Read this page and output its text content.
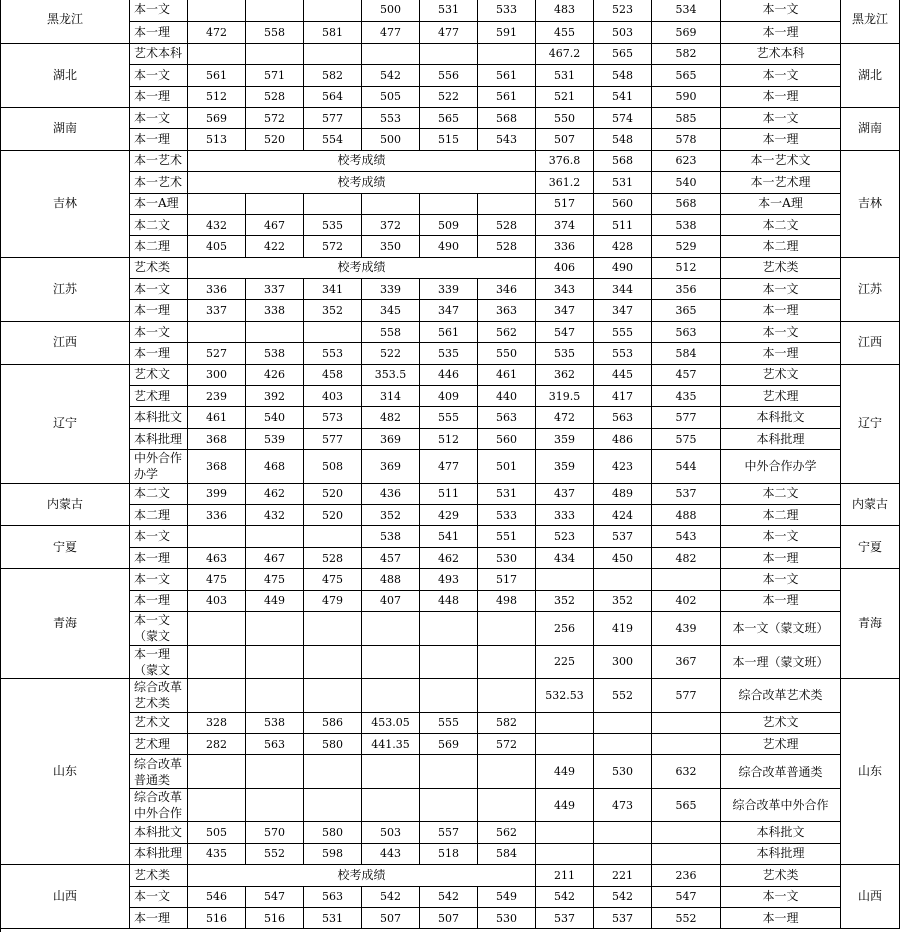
黑龙江	本一文				500	531	533	483	523	534	本一文	黑龙江
	本一理	472	558	581	477	477	591	455	503	569	本一理	
湖北	艺术本科							467.2	565	582	艺术本科	湖北
	本一文	561	571	582	542	556	561	531	548	565	本一文	
	本一理	512	528	564	505	522	561	521	541	590	本一理	
湖南	本一文	569	572	577	553	565	568	550	574	585	本一文	湖南
	本一理	513	520	554	500	515	543	507	548	578	本一理	
吉林	本一艺术	校考成绩						376.8	568	623	本一艺术文	吉林
	本一艺术	校考成绩						361.2	531	540	本一艺术理	
	本一A理							517	560	568	本一A理	
	本二文	432	467	535	372	509	528	374	511	538	本二文	
	本二理	405	422	572	350	490	528	336	428	529	本二理	
江苏	艺术类	校考成绩						406	490	512	艺术类	江苏
	本一文	336	337	341	339	339	346	343	344	356	本一文	
	本一理	337	338	352	345	347	363	347	347	365	本一理	
江西	本一文				558	561	562	547	555	563	本一文	江西
	本一理	527	538	553	522	535	550	535	553	584	本一理	
辽宁	艺术文	300	426	458	353.5	446	461	362	445	457	艺术文	辽宁
	艺术理	239	392	403	314	409	440	319.5	417	435	艺术理	
	本科批文	461	540	573	482	555	563	472	563	577	本科批文	
	本科批理	368	539	577	369	512	560	359	486	575	本科批理	
	中外合作办学	368	468	508	369	477	501	359	423	544	中外合作办学	
内蒙古	本二文	399	462	520	436	511	531	437	489	537	本二文	内蒙古
	本二理	336	432	520	352	429	533	333	424	488	本二理	
宁夏	本一文				538	541	551	523	537	543	本一文	宁夏
	本一理	463	467	528	457	462	530	434	450	482	本一理	
青海	本一文	475	475	475	488	493	517				本一文	青海
	本一理	403	449	479	407	448	498	352	352	402	本一理	
	本一文（蒙文							256	419	439	本一文（蒙文班）	
	本一理（蒙文							225	300	367	本一理（蒙文班）	
山东	综合改革艺术类							532.53	552	577	综合改革艺术类	山东
	艺术文	328	538	586	453.05	555	582				艺术文	
	艺术理	282	563	580	441.35	569	572				艺术理	
	综合改革普通类							449	530	632	综合改革普通类	
	综合改革中外合作							449	473	565	综合改革中外合作	
	本科批文	505	570	580	503	557	562				本科批文	
	本科批理	435	552	598	443	518	584				本科批理	
山西	艺术类	校考成绩						211	221	236	艺术类	山西
	本一文	546	547	563	542	542	549	542	542	547	本一文	
	本一理	516	516	531	507	507	530	537	537	552	本一理	
